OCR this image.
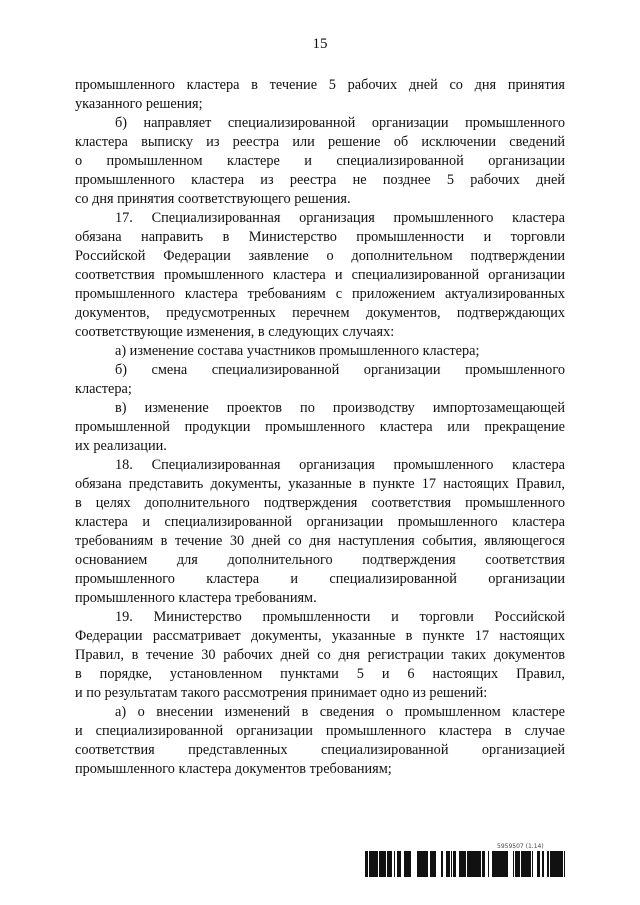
15
промышленного кластера в течение 5 рабочих дней со дня принятия
указанного решения;
б) направляет специализированной организации промышленного
кластера выписку из реестра или решение об исключении сведений
о промышленном кластере и специализированной организации
промышленного кластера из реестра не позднее 5 рабочих дней
со дня принятия соответствующего решения.
17. Специализированная организация промышленного кластера
обязана направить в Министерство промышленности и торговли
Российской Федерации заявление о дополнительном подтверждении
соответствия промышленного кластера и специализированной организации
промышленного кластера требованиям с приложением актуализированных
документов, предусмотренных перечнем документов, подтверждающих
соответствующие изменения, в следующих случаях:
а) изменение состава участников промышленного кластера;
б) смена специализированной организации промышленного
кластера;
в) изменение проектов по производству импортозамещающей
промышленной продукции промышленного кластера или прекращение
их реализации.
18. Специализированная организация промышленного кластера
обязана представить документы, указанные в пункте 17 настоящих Правил,
в целях дополнительного подтверждения соответствия промышленного
кластера и специализированной организации промышленного кластера
требованиям в течение 30 дней со дня наступления события, являющегося
основанием для дополнительного подтверждения соответствия
промышленного кластера и специализированной организации
промышленного кластера требованиям.
19. Министерство промышленности и торговли Российской
Федерации рассматривает документы, указанные в пункте 17 настоящих
Правил, в течение 30 рабочих дней со дня регистрации таких документов
в порядке, установленном пунктами 5 и 6 настоящих Правил,
и по результатам такого рассмотрения принимает одно из решений:
а) о внесении изменений в сведения о промышленном кластере
и специализированной организации промышленного кластера в случае
соответствия представленных специализированной организацией
промышленного кластера документов требованиям;
5959507 (1.14)
